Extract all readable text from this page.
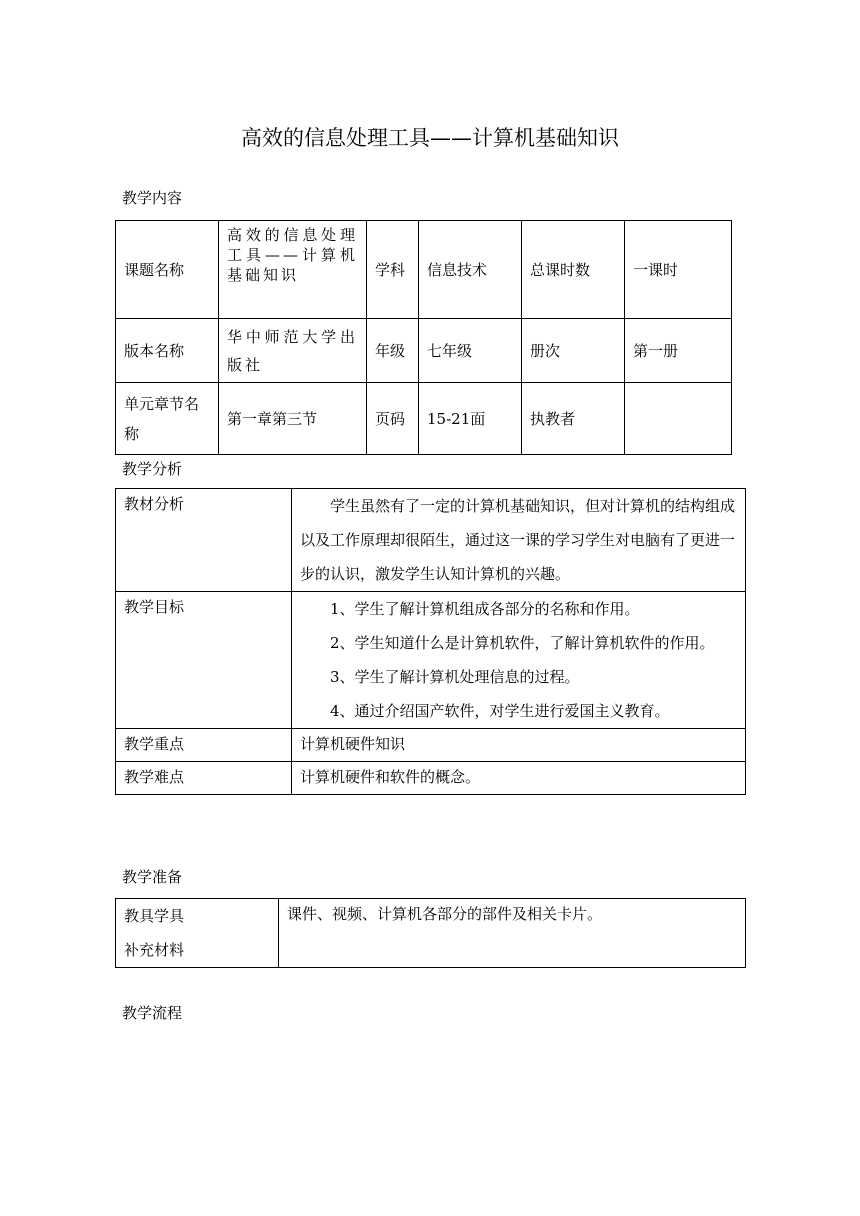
高效的信息处理工具——计算机基础知识
教学内容
课题名称	高效的信息处理工具——计算机基础知识	学科	信息技术	总课时数	一课时
版本名称	华中师范大学出版社	年级	七年级	册次	第一册
单元章节名称	第一章第三节	页码	15-21面	执教者	
教学分析
教材分析	学生虽然有了一定的计算机基础知识，但对计算机的结构组成以及工作原理却很陌生，通过这一课的学习学生对电脑有了更进一步的认识，激发学生认知计算机的兴趣。

教学目标	1、学生了解计算机组成各部分的名称和作用。

2、学生知道什么是计算机软件，了解计算机软件的作用。

3、学生了解计算机处理信息的过程。

4、通过介绍国产软件，对学生进行爱国主义教育。

教学重点	计算机硬件知识
教学难点	计算机硬件和软件的概念。
教学准备
教具学具
补充材料
	课件、视频、计算机各部分的部件及相关卡片。
教学流程
